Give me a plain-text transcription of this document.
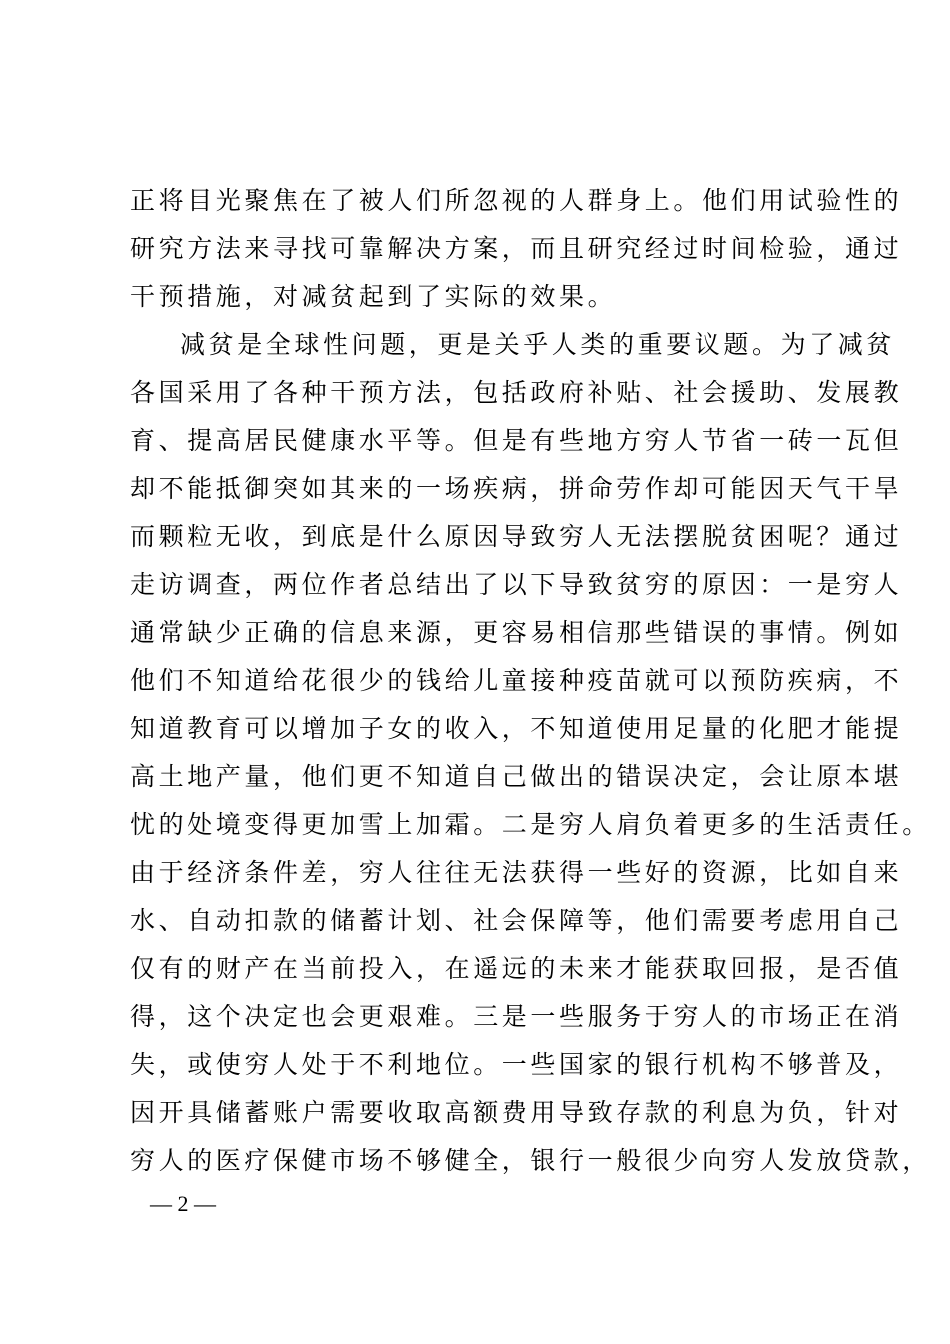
正将目光聚焦在了被人们所忽视的人群身上。他们用试验性的
研究方法来寻找可靠解决方案，而且研究经过时间检验，通过
干预措施，对减贫起到了实际的效果。
减贫是全球性问题，更是关乎人类的重要议题。为了减贫
各国采用了各种干预方法，包括政府补贴、社会援助、发展教
育、提高居民健康水平等。但是有些地方穷人节省一砖一瓦但
却不能抵御突如其来的一场疾病，拼命劳作却可能因天气干旱
而颗粒无收，到底是什么原因导致穷人无法摆脱贫困呢？通过
走访调查，两位作者总结出了以下导致贫穷的原因：一是穷人
通常缺少正确的信息来源，更容易相信那些错误的事情。例如
他们不知道给花很少的钱给儿童接种疫苗就可以预防疾病，不
知道教育可以增加子女的收入，不知道使用足量的化肥才能提
高土地产量，他们更不知道自己做出的错误决定，会让原本堪
忧的处境变得更加雪上加霜。二是穷人肩负着更多的生活责任。
由于经济条件差，穷人往往无法获得一些好的资源，比如自来
水、自动扣款的储蓄计划、社会保障等，他们需要考虑用自己
仅有的财产在当前投入，在遥远的未来才能获取回报，是否值
得，这个决定也会更艰难。三是一些服务于穷人的市场正在消
失，或使穷人处于不利地位。一些国家的银行机构不够普及，
因开具储蓄账户需要收取高额费用导致存款的利息为负，针对
穷人的医疗保健市场不够健全，银行一般很少向穷人发放贷款，
— 2 —
